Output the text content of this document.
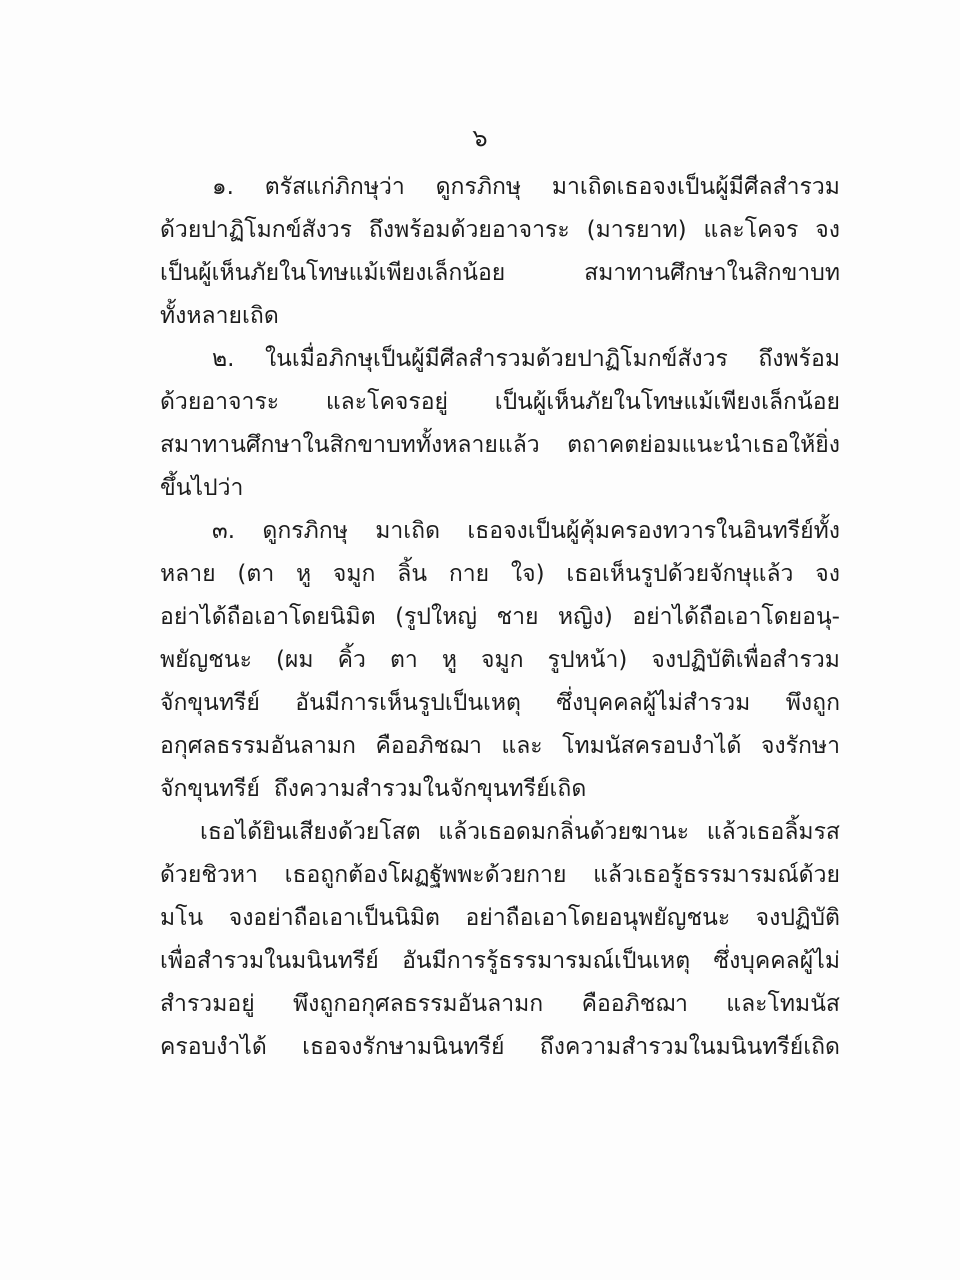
๖
๑. ตรัสแก่ภิกษุว่า ดูกรภิกษุ มาเถิดเธอจงเป็นผู้มีศีลสำรวม
ด้วยปาฏิโมกข์สังวร ถึงพร้อมด้วยอาจาระ (มารยาท) และโคจร จง
เป็นผู้เห็นภัยในโทษแม้เพียงเล็กน้อย	สมาทานศึกษาในสิกขาบท
ทั้งหลายเถิด
๒. ในเมื่อภิกษุเป็นผู้มีศีลสำรวมด้วยปาฏิโมกข์สังวร ถึงพร้อม
ด้วยอาจาระ และโคจรอยู่ เป็นผู้เห็นภัยในโทษแม้เพียงเล็กน้อย
สมาทานศึกษาในสิกขาบททั้งหลายแล้ว ตถาคตย่อมแนะนำเธอให้ยิ่ง
ขึ้นไปว่า
๓. ดูกรภิกษุ มาเถิด เธอจงเป็นผู้คุ้มครองทวารในอินทรีย์ทั้ง
หลาย (ตา หู จมูก ลิ้น กาย ใจ) เธอเห็นรูปด้วยจักษุแล้ว จง
อย่าได้ถือเอาโดยนิมิต (รูปใหญ่ ชาย หญิง) อย่าได้ถือเอาโดยอนุ-
พยัญชนะ (ผม คิ้ว ตา หู จมูก รูปหน้า) จงปฏิบัติเพื่อสำรวม
จักขุนทรีย์ อันมีการเห็นรูปเป็นเหตุ ซึ่งบุคคลผู้ไม่สำรวม พึงถูก
อกุศลธรรมอันลามก คืออภิชฌา และ โทมนัสครอบงำได้ จงรักษา
จักขุนทรีย์ ถึงความสำรวมในจักขุนทรีย์เถิด
เธอได้ยินเสียงด้วยโสต แล้วเธอดมกลิ่นด้วยฆานะ แล้วเธอลิ้มรส
ด้วยชิวหา เธอถูกต้องโผฏฐัพพะด้วยกาย แล้วเธอรู้ธรรมารมณ์ด้วย
มโน จงอย่าถือเอาเป็นนิมิต อย่าถือเอาโดยอนุพยัญชนะ จงปฏิบัติ
เพื่อสำรวมในมนินทรีย์ อันมีการรู้ธรรมารมณ์เป็นเหตุ ซึ่งบุคคลผู้ไม่
สำรวมอยู่ พึงถูกอกุศลธรรมอันลามก คืออภิชฌา และโทมนัส
ครอบงำได้ เธอจงรักษามนินทรีย์ ถึงความสำรวมในมนินทรีย์เถิด
